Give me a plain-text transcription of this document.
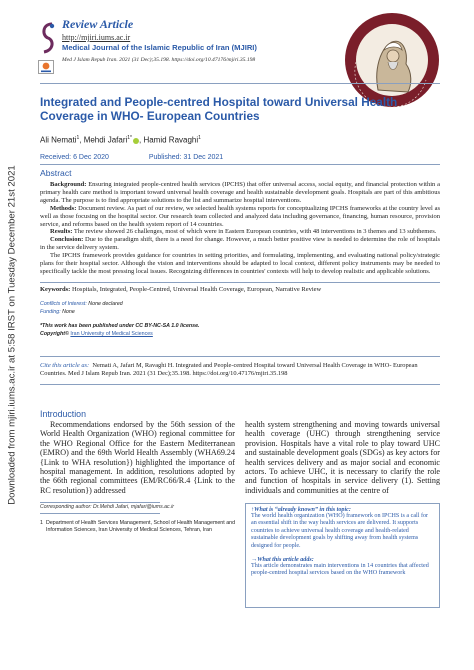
Downloaded from mjiri.iums.ac.ir at 5:58 IRST on Tuesday December 21st 2021
Review Article
http://mjiri.iums.ac.ir
Medical Journal of the Islamic Republic of Iran (MJIRI)
Med J Islam Repub Iran. 2021 (31 Dec);35.198. https://doi.org/10.47176/mjiri.35.198
Integrated and People-centred Hospital toward Universal Health Coverage in WHO- European Countries
Ali Nemati$^1$, Mehdi Jafari$^{1*}$ , Hamid Ravaghi$^1$
Received: 6 Dec 2020	Published: 31 Dec 2021
Abstract

Background: Ensuring integrated people-centred health services (IPCHS) that offer universal access, social equity, and financial protection within a primary health care method is important toward universal health coverage and health sustainable development goals. Hospitals are part of this ambitious agenda. The purpose is to find appropriate solutions to the list and summarize hospital interventions.

Methods: Document review. As part of our review, we selected health systems reports for conceptualizing IPCHS frameworks at the country level as well as those focusing on the hospital sector. Our research team collected and analyzed data including governance, financing, human resource, provision service, and reforms based on the health system report of 14 countries.

Results: The review showed 26 challenges, most of which were in Eastern European countries, with 48 interventions in 3 themes and 13 subthemes.

Conclusion: Due to the paradigm shift, there is a need for change. However, a much better positive view is needed to determine the role of hospitals in the service delivery system.

The IPCHS framework provides guidance for countries in setting priorities, and formulating, implementing, and evaluating national policy/strategic plans for their hospital sector. Although the vision and interventions should be adapted to local context, different policy instruments may be needed to specifically tackle the most pressing local issues. Recognizing differences in countries' contexts will help to develop realistic and applicable solutions.

Keywords: Hospitals, Integrated, People-Centred, Universal Health Coverage, European, Narrative Review
Conflicts of Interest: None declared
Funding: None
*This work has been published under CC BY-NC-SA 1.0 license.
Copyright© Iran University of Medical Sciences
Cite this article as: Nemati A, Jafari M, Ravaghi H. Integrated and People-centred Hospital toward Universal Health Coverage in WHO- European Countries. Med J Islam Repub Iran. 2021 (31 Dec);35.198. https://doi.org/10.47176/mjiri.35.198
Introduction
Recommendations endorsed by the 56th session of the World Health Organization (WHO) regional committee for the WHO Regional Office for the Eastern Mediterranean (EMRO) and the 69th World Health Assembly (WHA69.24 {Link to WHA resolution}) highlighted the importance of hospital management. In addition, resolutions adopted by the 66th regional committees (EM/RC66/R.4 {Link to the RC resolution}) addressed
health system strengthening and moving towards universal health coverage (UHC) through strengthening service provision. Hospitals have a vital role to play toward UHC and sustainable development goals (SDGs) as key actors for health services delivery and as major social and economic actors. To achieve UHC, it is necessary to clarify the role and function of hospitals in service delivery (1). Setting individuals and communities at the centre of
Corresponding author: Dr.Mehdi Jafari, mjafari@iums.ac.ir
1 Department of Health Services Management, School of Health Management and Information Sciences, Iran University of Medical Sciences, Tehran, Iran
↑What is “already known” in this topic:
The world health organization (WHO) framework on IPCHS is a call for an essential shift in the way health services are delivered. It supports countries to achieve universal health coverage and health-related sustainable development goals by shifting away from health systems designed for people.
→What this article adds:
This article demonstrates main interventions in 14 countries that affected people-centred hospital services based on the WHO framework
